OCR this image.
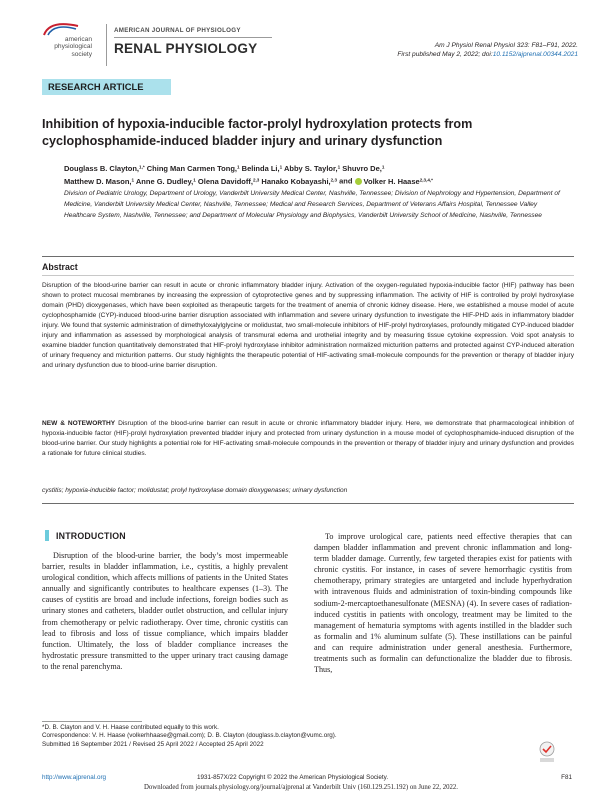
american
physiological
society
AMERICAN JOURNAL OF PHYSIOLOGY
RENAL PHYSIOLOGY	Am J Physiol Renal Physiol 323: F81–F91, 2022.
First published May 2, 2022; doi:10.1152/ajprenal.00344.2021
RESEARCH ARTICLE
Inhibition of hypoxia-inducible factor-prolyl hydroxylation protects from cyclophosphamide-induced bladder injury and urinary dysfunction
Douglass B. Clayton,$^{1,*}$ Ching Man Carmen Tong,$^1$ Belinda Li,$^1$ Abby S. Taylor,$^1$ Shuvro De,$^1$
Matthew D. Mason,$^1$ Anne G. Dudley,$^1$ Olena Davidoff,$^{2,3}$ Hanako Kobayashi,$^{2,3}$ and Volker H. Haase$^{2,3,4,*}$
Division of Pediatric Urology, Department of Urology, Vanderbilt University Medical Center, Nashville, Tennessee; Division of Nephrology and Hypertension, Department of Medicine, Vanderbilt University Medical Center, Nashville, Tennessee; Medical and Research Services, Department of Veterans Affairs Hospital, Tennessee Valley Healthcare System, Nashville, Tennessee; and Department of Molecular Physiology and Biophysics, Vanderbilt University School of Medicine, Nashville, Tennessee
Abstract
Disruption of the blood-urine barrier can result in acute or chronic inflammatory bladder injury. Activation of the oxygen-regulated hypoxia-inducible factor (HIF) pathway has been shown to protect mucosal membranes by increasing the expression of cytoprotective genes and by suppressing inflammation. The activity of HIF is controlled by prolyl hydroxylase domain (PHD) dioxygenases, which have been exploited as therapeutic targets for the treatment of anemia of chronic kidney disease. Here, we established a mouse model of acute cyclophosphamide (CYP)-induced blood-urine barrier disruption associated with inflammation and severe urinary dysfunction to investigate the HIF-PHD axis in inflammatory bladder injury. We found that systemic administration of dimethyloxalylglycine or molidustat, two small-molecule inhibitors of HIF-prolyl hydroxylases, profoundly mitigated CYP-induced bladder injury and inflammation as assessed by morphological analysis of transmural edema and urothelial integrity and by measuring tissue cytokine expression. Void spot analysis to examine bladder function quantitatively demonstrated that HIF-prolyl hydroxylase inhibitor administration normalized micturition patterns and protected against CYP-induced alteration of urinary frequency and micturition patterns. Our study highlights the therapeutic potential of HIF-activating small-molecule compounds for the prevention or therapy of bladder injury and urinary dysfunction due to blood-urine barrier disruption.
NEW & NOTEWORTHY Disruption of the blood-urine barrier can result in acute or chronic inflammatory bladder injury. Here, we demonstrate that pharmacological inhibition of hypoxia-inducible factor (HIF)-prolyl hydroxylation prevented bladder injury and protected from urinary dysfunction in a mouse model of cyclophosphamide-induced disruption of the blood-urine barrier. Our study highlights a potential role for HIF-activating small-molecule compounds in the prevention or therapy of bladder injury and urinary dysfunction and provides a rationale for future clinical studies.
cystitis; hypoxia-inducible factor; molidustat; prolyl hydroxylase domain dioxygenases; urinary dysfunction
INTRODUCTION

Disruption of the blood-urine barrier, the body’s most impermeable barrier, results in bladder inflammation, i.e., cystitis, a highly prevalent urological condition, which affects millions of patients in the United States annually and significantly contributes to healthcare expenses (1–3). The causes of cystitis are broad and include infections, foreign bodies such as urinary stones and catheters, bladder outlet obstruction, and cellular injury from chemotherapy or pelvic radiotherapy. Over time, chronic cystitis can lead to fibrosis and loss of tissue compliance, which impairs bladder function. Ultimately, the loss of bladder compliance increases the hydrostatic pressure transmitted to the upper urinary tract causing damage to the renal parenchyma.

To improve urological care, patients need effective therapies that can dampen bladder inflammation and prevent chronic inflammation and long-term bladder damage. Currently, few targeted therapies exist for patients with chronic cystitis. For instance, in cases of severe hemorrhagic cystitis from chemotherapy, primary strategies are untargeted and include hyperhydration with intravenous fluids and administration of toxin-binding compounds like sodium-2-mercaptoethanesulfonate (MESNA) (4). In severe cases of radiation-induced cystitis in patients with oncology, treatment may be limited to the management of hematuria symptoms with agents instilled in the bladder such as formalin and 1% aluminum sulfate (5). These instillations can be painful and can require administration under general anesthesia. Furthermore, treatments such as formalin can defunctionalize the bladder due to fibrosis. Thus,

*D. B. Clayton and V. H. Haase contributed equally to this work.
Correspondence: V. H. Haase (volkerhhaase@gmail.com); D. B. Clayton (douglass.b.clayton@vumc.org).
Submitted 16 September 2021 / Revised 25 April 2022 / Accepted 25 April 2022
http://www.ajprenal.org	1931-857X/22 Copyright © 2022 the American Physiological Society.	F81
Downloaded from journals.physiology.org/journal/ajprenal at Vanderbilt Univ (160.129.251.192) on June 22, 2022.
